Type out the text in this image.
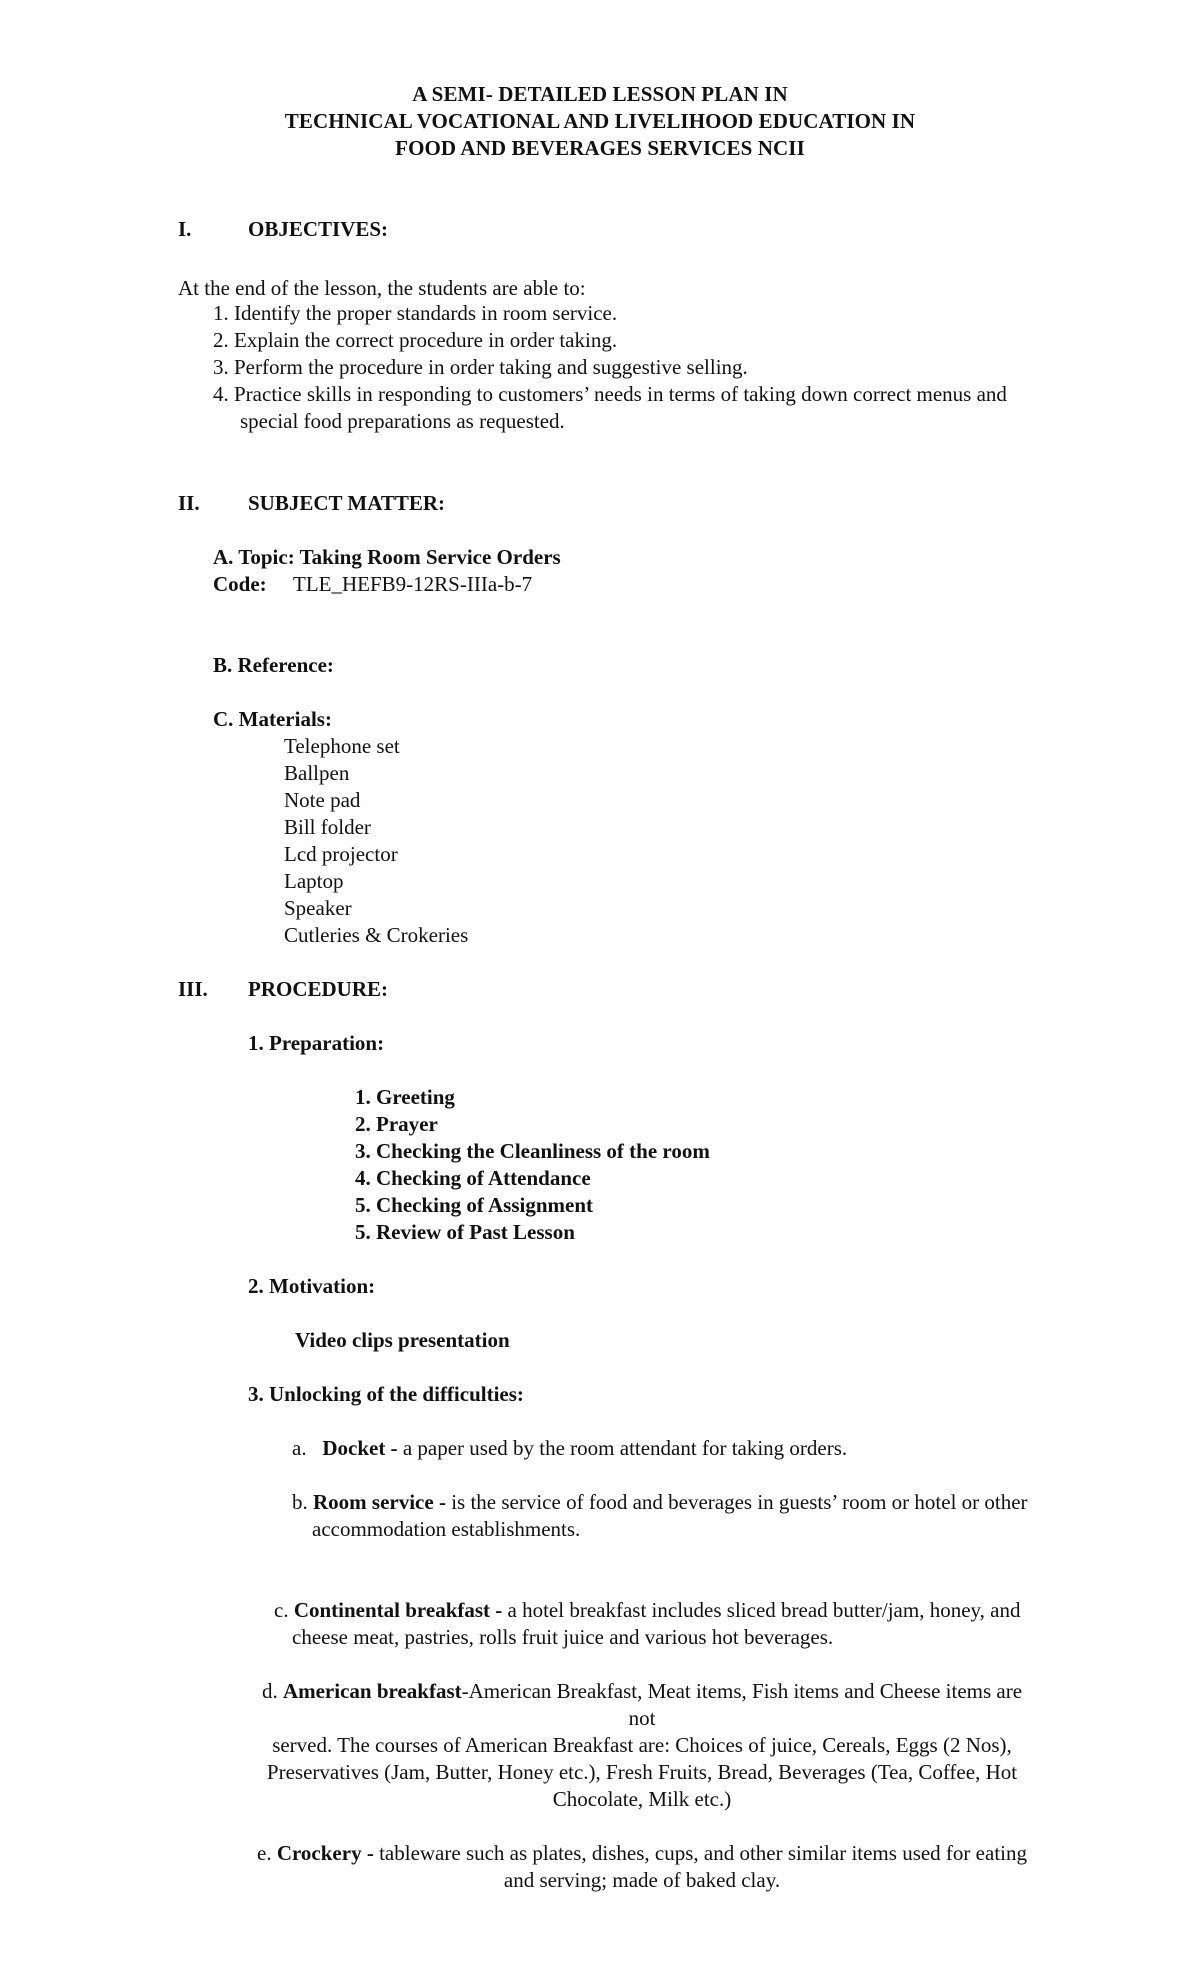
A SEMI- DETAILED LESSON PLAN IN
TECHNICAL VOCATIONAL AND LIVELIHOOD EDUCATION IN
FOOD AND BEVERAGES SERVICES NCII
I.	OBJECTIVES:
At the end of the lesson, the students are able to:
1. Identify the proper standards in room service.
2. Explain the correct procedure in order taking.
3. Perform the procedure in order taking and suggestive selling.
4. Practice skills in responding to customers’ needs in terms of taking down correct menus and
special food preparations as requested.
II. SUBJECT MATTER:
A. Topic: Taking Room Service Orders
Code: TLE_HEFB9-12RS-IIIa-b-7
B. Reference:
C. Materials:
Telephone set
Ballpen
Note pad
Bill folder
Lcd projector
Laptop
Speaker
Cutleries & Crokeries
III. PROCEDURE:
1. Preparation:
1. Greeting
2. Prayer
3. Checking the Cleanliness of the room
4. Checking of Attendance
5. Checking of Assignment
5. Review of Past Lesson
2. Motivation:
Video clips presentation
3. Unlocking of the difficulties:
a. Docket - a paper used by the room attendant for taking orders.
b. Room service - is the service of food and beverages in guests’ room or hotel or other
accommodation establishments.
c. Continental breakfast - a hotel breakfast includes sliced bread butter/jam, honey, and
cheese meat, pastries, rolls fruit juice and various hot beverages.
d. American breakfast-American Breakfast, Meat items, Fish items and Cheese items are
not
served. The courses of American Breakfast are: Choices of juice, Cereals, Eggs (2 Nos),
Preservatives (Jam, Butter, Honey etc.), Fresh Fruits, Bread, Beverages (Tea, Coffee, Hot
Chocolate, Milk etc.)
e. Crockery - tableware such as plates, dishes, cups, and other similar items used for eating
and serving; made of baked clay.
